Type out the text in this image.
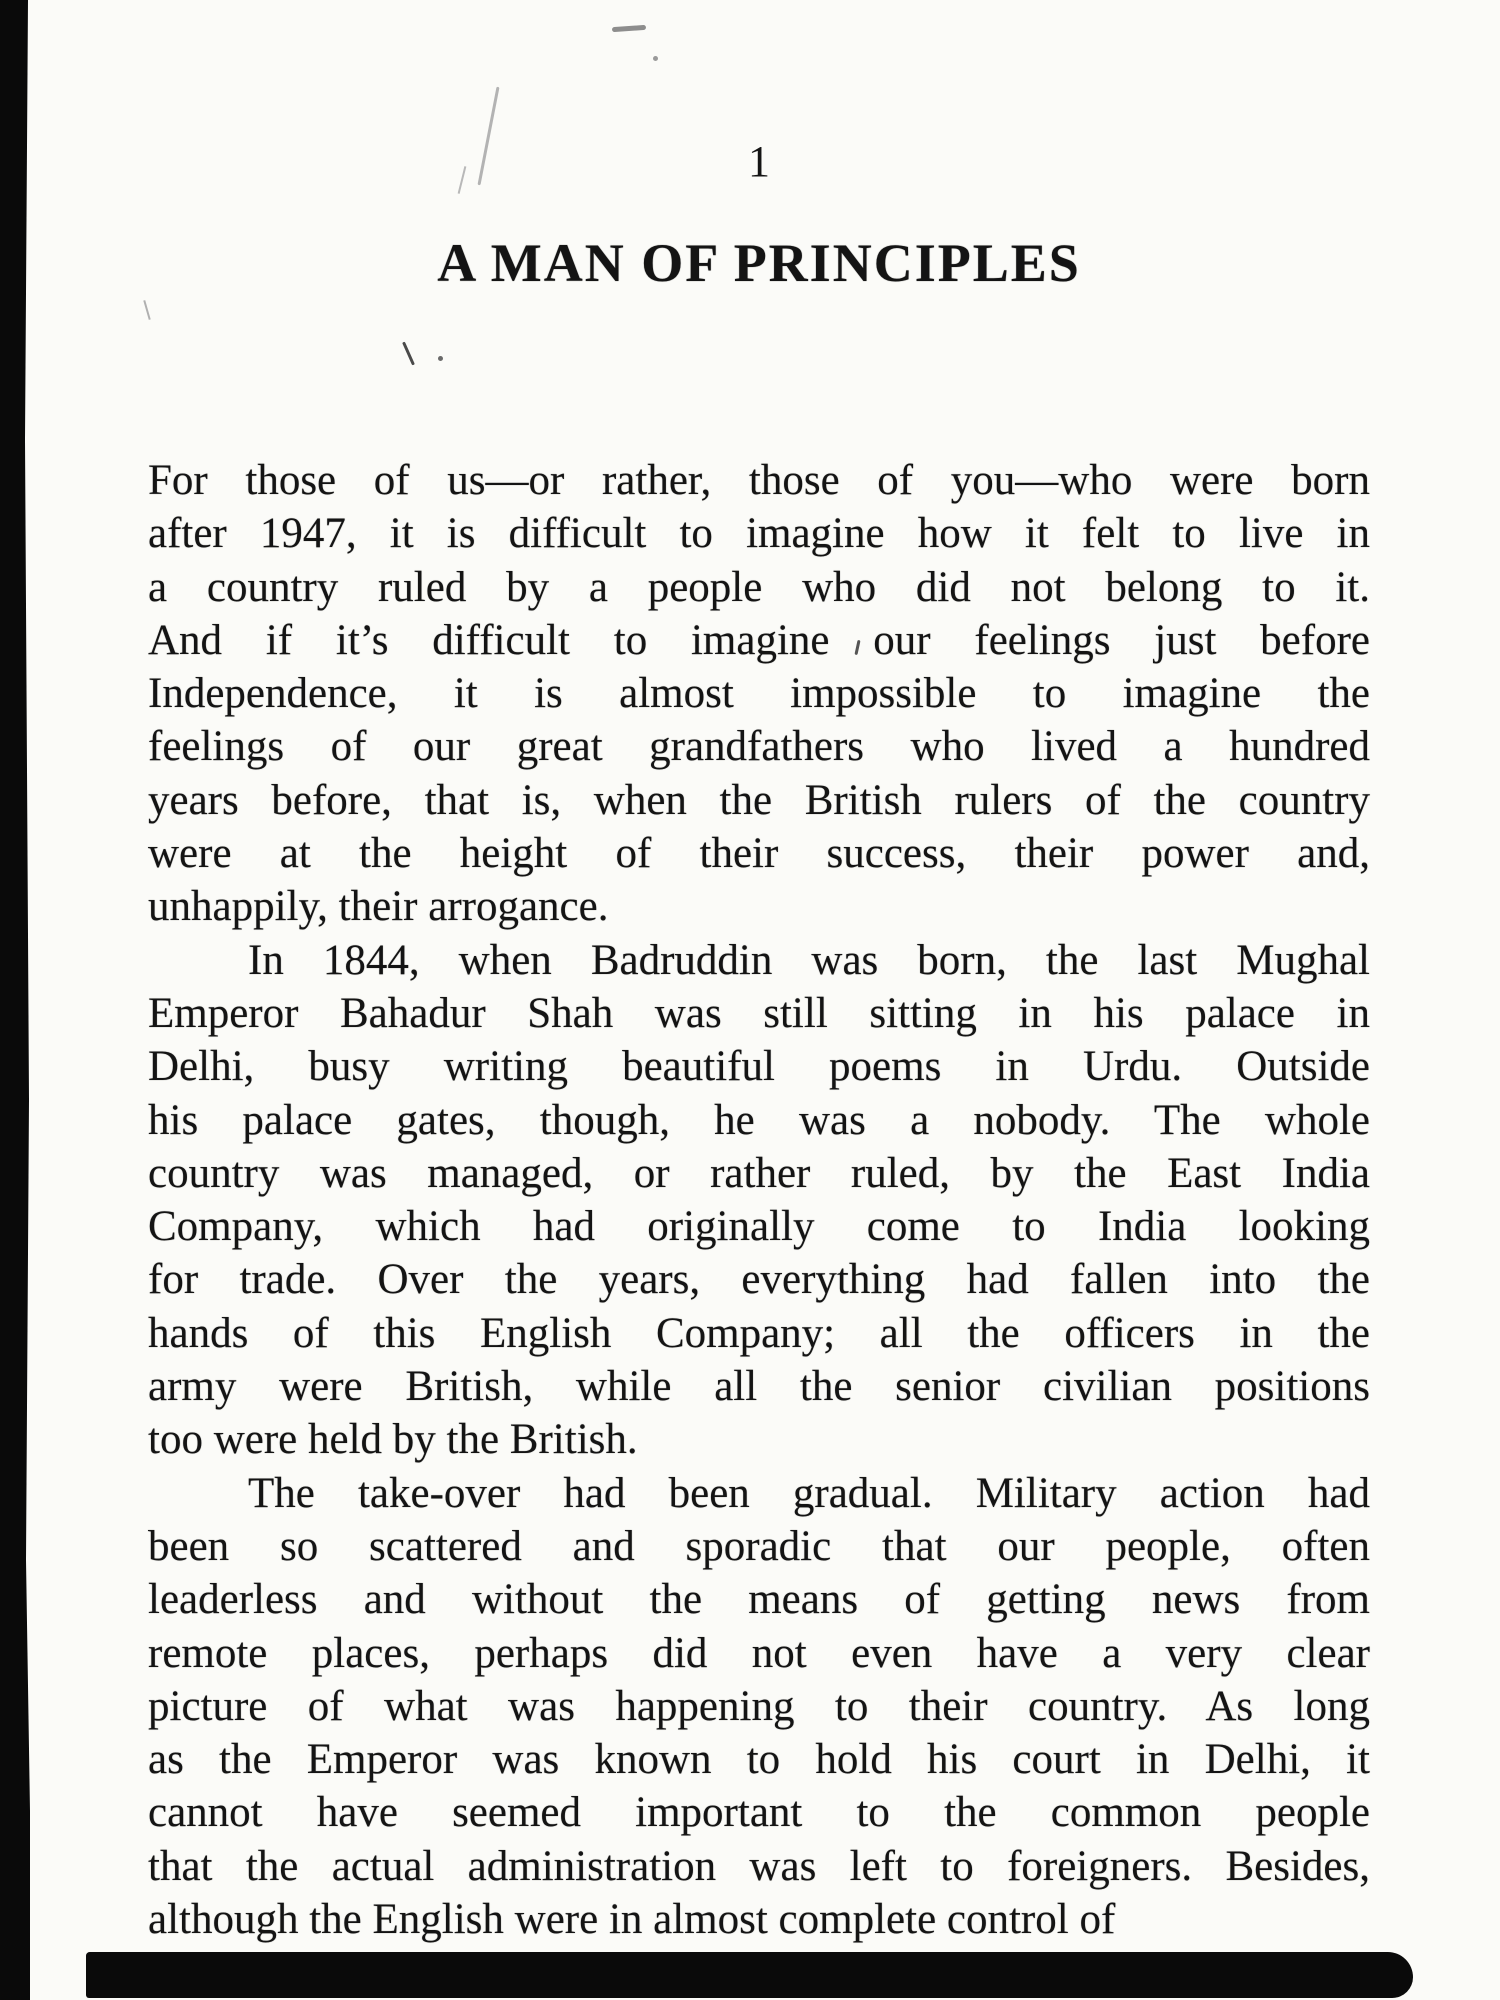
1
A MAN OF PRINCIPLES
For those of us—or rather, those of you—who were born
after 1947, it is difficult to imagine how it felt to live in
a country ruled by a people who did not belong to it.
And if it’s difficult to imagine our feelings just before
Independence, it is almost impossible to imagine the
feelings of our great grandfathers who lived a hundred
years before, that is, when the British rulers of the country
were at the height of their success, their power and,
unhappily, their arrogance.
In 1844, when Badruddin was born, the last Mughal
Emperor Bahadur Shah was still sitting in his palace in
Delhi, busy writing beautiful poems in Urdu. Outside
his palace gates, though, he was a nobody. The whole
country was managed, or rather ruled, by the East India
Company, which had originally come to India looking
for trade. Over the years, everything had fallen into the
hands of this English Company; all the officers in the
army were British, while all the senior civilian positions
too were held by the British.
The take-over had been gradual. Military action had
been so scattered and sporadic that our people, often
leaderless and without the means of getting news from
remote places, perhaps did not even have a very clear
picture of what was happening to their country. As long
as the Emperor was known to hold his court in Delhi, it
cannot have seemed important to the common people
that the actual administration was left to foreigners. Besides,
although the English were in almost complete control of
